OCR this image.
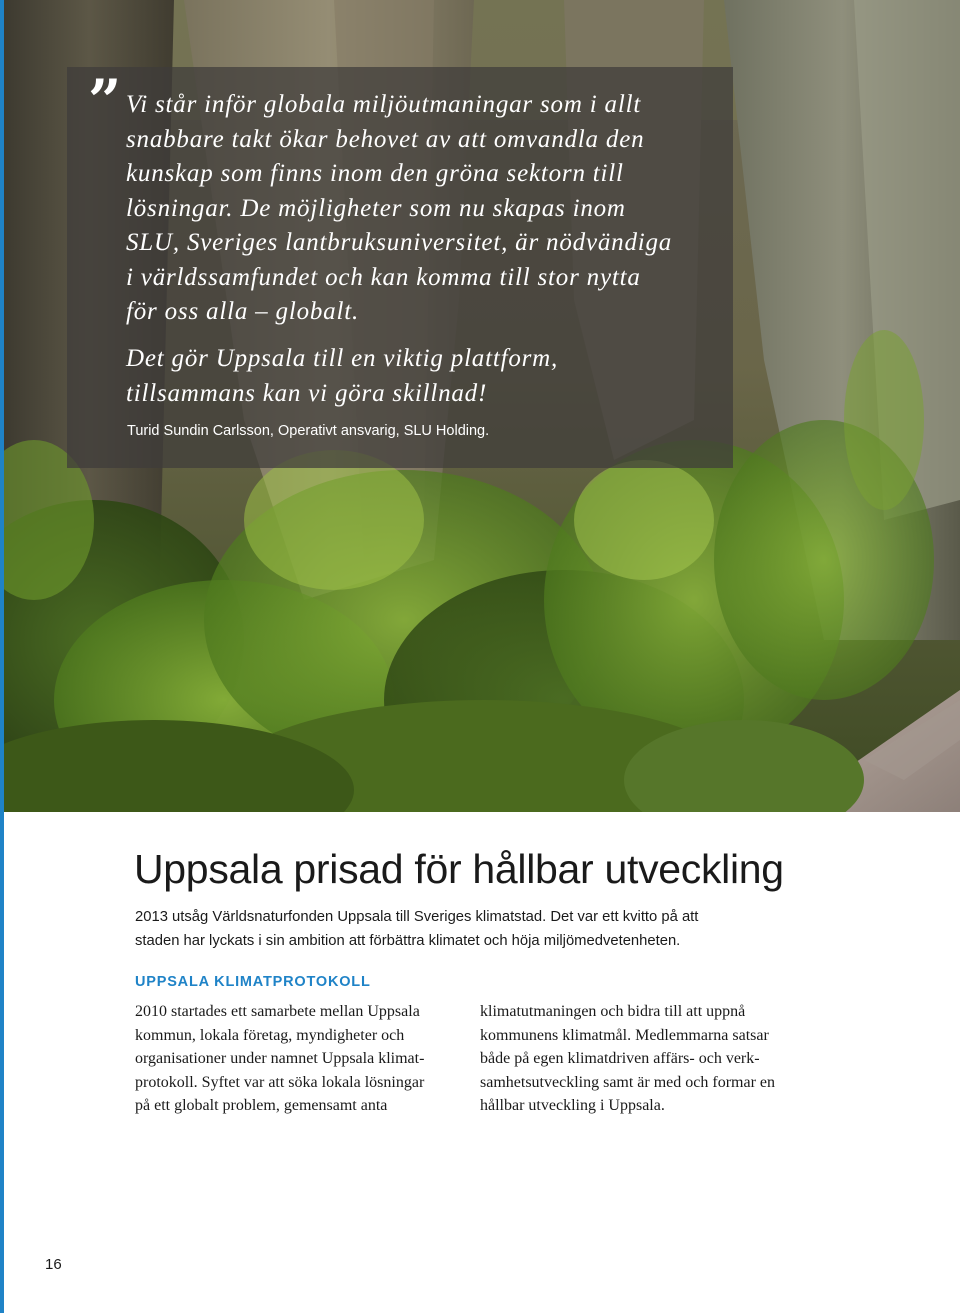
” Vi står inför globala miljöutmaningar som i allt
snabbare takt ökar behovet av att omvandla den
kunskap som finns inom den gröna sektorn till
lösningar. De möjligheter som nu skapas inom
SLU, Sveriges lantbruksuniversitet, är nödvändiga
i världssamfundet och kan komma till stor nytta
för oss alla – globalt.

Det gör Uppsala till en viktig plattform,
tillsammans kan vi göra skillnad!

Turid Sundin Carlsson, Operativt ansvarig, SLU Holding.

Uppsala prisad för hållbar utveckling

2013 utsåg Världsnaturfonden Uppsala till Sveriges klimatstad. Det var ett kvitto på att
staden har lyckats i sin ambition att förbättra klimatet och höja miljömedvetenheten.

UPPSALA KLIMATPROTOKOLL

2010 startades ett samarbete mellan Uppsala
kommun, lokala företag, myndigheter och
organisationer under namnet Uppsala klimat-
protokoll. Syftet var att söka lokala lösningar
på ett globalt problem, gemensamt anta

klimatutmaningen och bidra till att uppnå
kommunens klimatmål. Medlemmarna satsar
både på egen klimatdriven affärs- och verk-
samhetsutveckling samt är med och formar en
hållbar utveckling i Uppsala.

16
